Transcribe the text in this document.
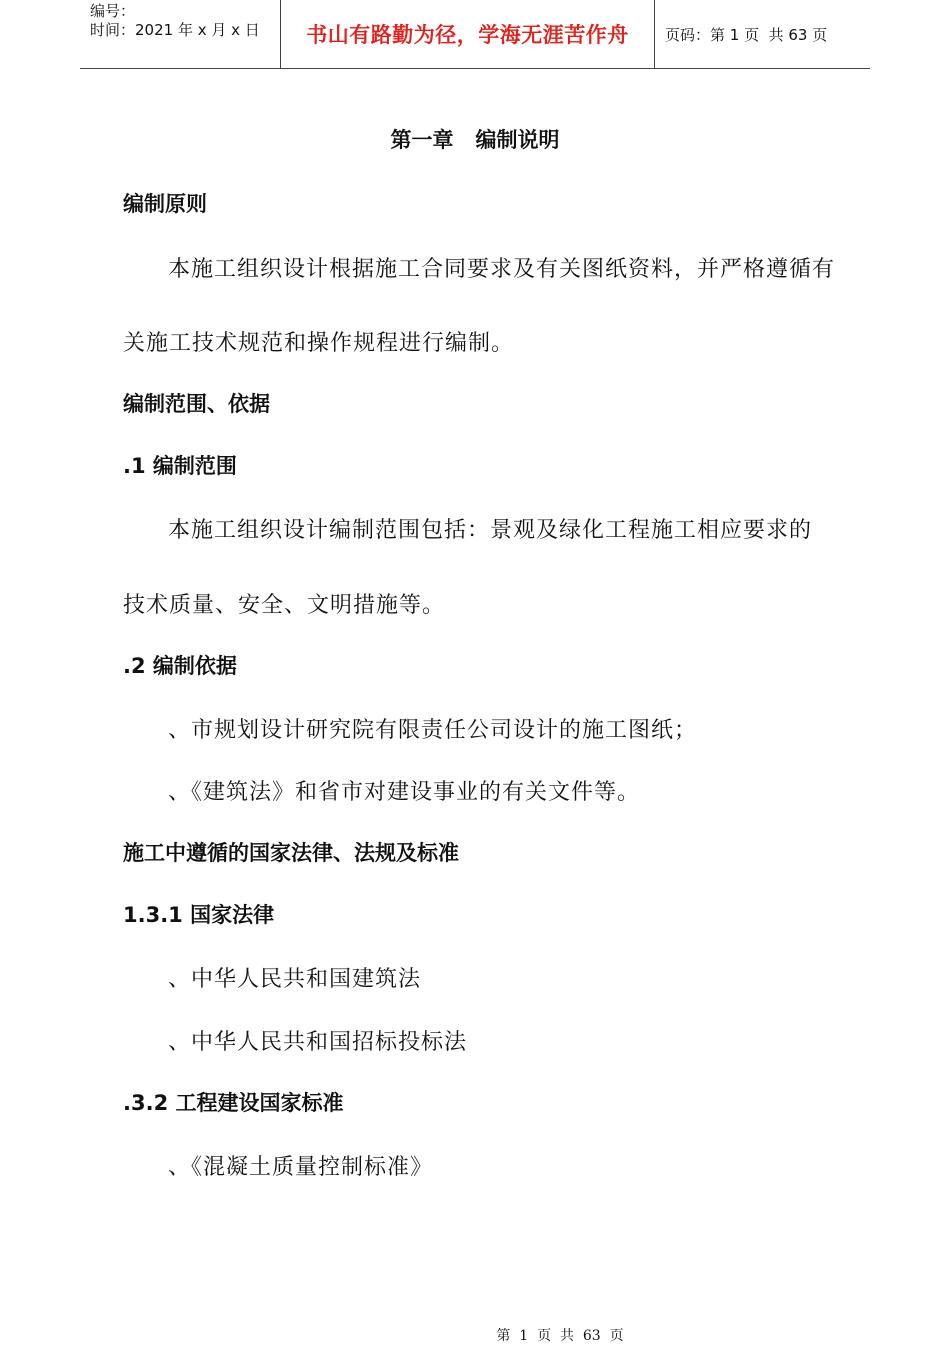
编号：
时间：2021 年 x 月 x 日	书山有路勤为径，学海无涯苦作舟 页码：第 1 页  共 63 页
第一章 编制说明
编制原则
本施工组织设计根据施工合同要求及有关图纸资料，并严格遵循有
关施工技术规范和操作规程进行编制。
编制范围、依据
.1 编制范围
本施工组织设计编制范围包括：景观及绿化工程施工相应要求的
技术质量、安全、文明措施等。
.2 编制依据
、市规划设计研究院有限责任公司设计的施工图纸；
、《建筑法》和省市对建设事业的有关文件等。
施工中遵循的国家法律、法规及标准
1.3.1 国家法律
、中华人民共和国建筑法
、中华人民共和国招标投标法
.3.2 工程建设国家标准
、《混凝土质量控制标准》
第  1  页  共  63  页
